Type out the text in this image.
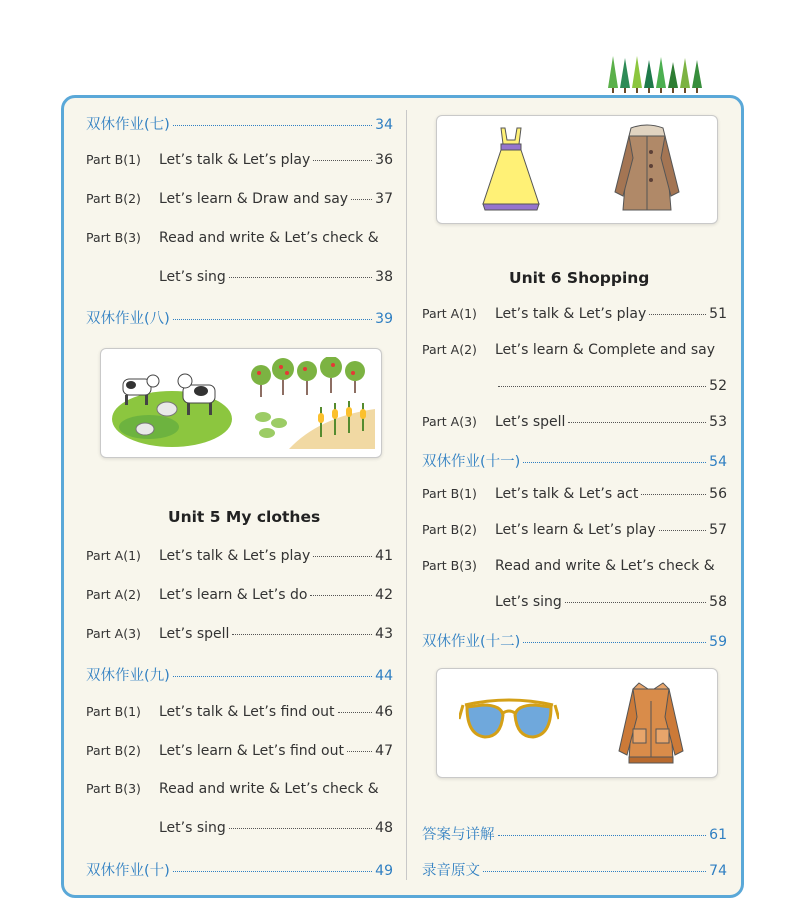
双休作业(七)	34
Part B(1)	Let’s talk & Let’s play	36
Part B(2)	Let’s learn & Draw and say 37
Part B(3)	Read and write & Let’s check &
Let’s sing	38
双休作业(八)	39
Unit 5 My clothes
Part A(1)	Let’s talk & Let’s play	41
Part A(2)	Let’s learn & Let’s do	42
Part A(3)	Let’s spell	43
双休作业(九)	44
Part B(1)	Let’s talk & Let’s find out	46
Part B(2)	Let’s learn & Let’s find out 47
Part B(3)	Read and write & Let’s check &
Let’s sing	48
双休作业(十)	49
Unit 6 Shopping
Part A(1)	Let’s talk & Let’s play	51
Part A(2)	Let’s learn & Complete and say
52
Part A(3)	Let’s spell	53
双休作业(十一)	54
Part B(1)	Let’s talk & Let’s act	56
Part B(2)	Let’s learn & Let’s play	57
Part B(3)	Read and write & Let’s check &
Let’s sing	58
双休作业(十二)	59
答案与详解	61
录音原文	74
